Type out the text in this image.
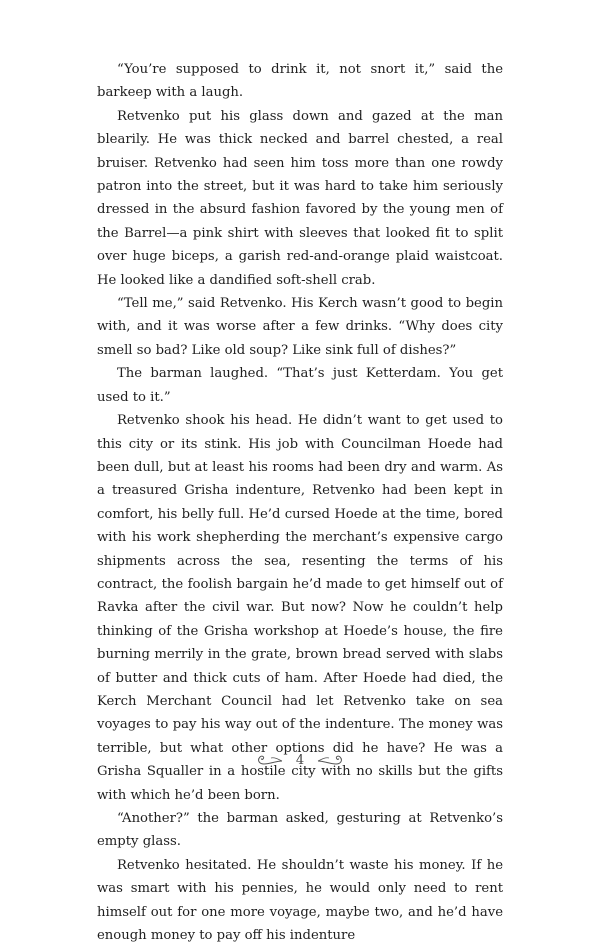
“You’re supposed to drink it, not snort it,” said the barkeep with a laugh.

Retvenko put his glass down and gazed at the man blearily. He was thick necked and barrel chested, a real bruiser. Retvenko had seen him toss more than one rowdy patron into the street, but it was hard to take him seriously dressed in the absurd fashion favored by the young men of the Barrel—a pink shirt with sleeves that looked fit to split over huge biceps, a garish red-and-orange plaid waistcoat. He looked like a dandified soft-shell crab.

“Tell me,” said Retvenko. His Kerch wasn’t good to begin with, and it was worse after a few drinks. “Why does city smell so bad? Like old soup? Like sink full of dishes?”

The barman laughed. “That’s just Ketterdam. You get used to it.”

Retvenko shook his head. He didn’t want to get used to this city or its stink. His job with Councilman Hoede had been dull, but at least his rooms had been dry and warm. As a treasured Grisha indenture, Retvenko had been kept in comfort, his belly full. He’d cursed Hoede at the time, bored with his work shepherding the merchant’s expensive cargo shipments across the sea, resenting the terms of his contract, the foolish bargain he’d made to get himself out of Ravka after the civil war. But now? Now he couldn’t help thinking of the Grisha workshop at Hoede’s house, the fire burning merrily in the grate, brown bread served with slabs of butter and thick cuts of ham. After Hoede had died, the Kerch Merchant Council had let Retvenko take on sea voyages to pay his way out of the indenture. The money was terrible, but what other options did he have? He was a Grisha Squaller in a hostile city with no skills but the gifts with which he’d been born.

“Another?” the barman asked, gesturing at Retvenko’s empty glass.

Retvenko hesitated. He shouldn’t waste his money. If he was smart with his pennies, he would only need to rent himself out for one more voyage, maybe two, and he’d have enough money to pay off his indenture

4
